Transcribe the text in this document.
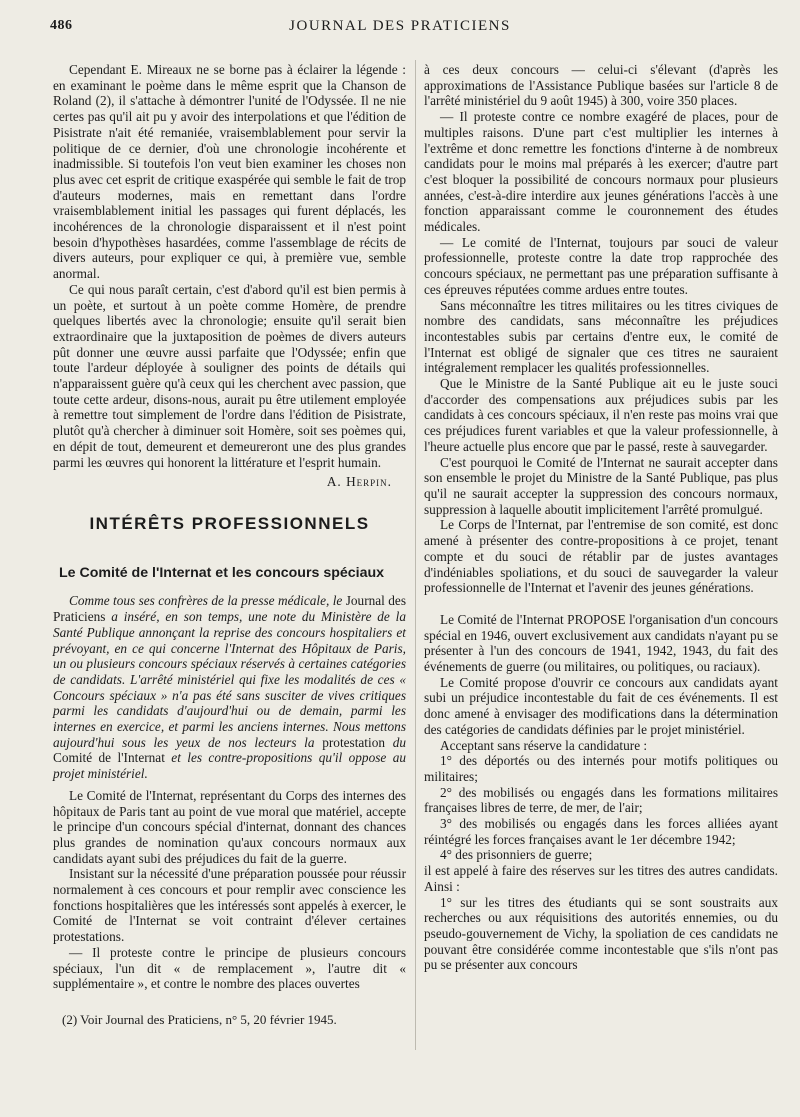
486	JOURNAL DES PRATICIENS

Cependant E. Mireaux ne se borne pas à éclairer la légende : en examinant le poème dans le même esprit que la Chanson de Roland (2), il s'attache à démontrer l'unité de l'Odyssée. Il ne nie certes pas qu'il ait pu y avoir des interpolations et que l'édition de Pisistrate n'ait été remaniée, vraisemblablement pour servir la politique de ce dernier, d'où une chronologie incohérente et inadmissible. Si toutefois l'on veut bien examiner les choses non plus avec cet esprit de critique exaspérée qui semble le fait de trop d'auteurs modernes, mais en remettant dans l'ordre vraisemblablement initial les passages qui furent déplacés, les incohérences de la chronologie disparaissent et il n'est point besoin d'hypothèses hasardées, comme l'assemblage de récits de divers auteurs, pour expliquer ce qui, à première vue, semble anormal.

Ce qui nous paraît certain, c'est d'abord qu'il est bien permis à un poète, et surtout à un poète comme Homère, de prendre quelques libertés avec la chronologie; ensuite qu'il serait bien extraordinaire que la juxtaposition de poèmes de divers auteurs pût donner une œuvre aussi parfaite que l'Odyssée; enfin que toute l'ardeur déployée à souligner des points de détails qui n'apparaissent guère qu'à ceux qui les cherchent avec passion, que toute cette ardeur, disons-nous, aurait pu être utilement employée à remettre tout simplement de l'ordre dans l'édition de Pisistrate, plutôt qu'à chercher à diminuer soit Homère, soit ses poèmes qui, en dépit de tout, demeurent et demeureront une des plus grandes parmi les œuvres qui honorent la littérature et l'esprit humain.

A. Herpin.

INTÉRÊTS PROFESSIONNELS
Le Comité de l'Internat et les concours spéciaux

Comme tous ses confrères de la presse médicale, le Journal des Praticiens a inséré, en son temps, une note du Ministère de la Santé Publique annonçant la reprise des concours hospitaliers et prévoyant, en ce qui concerne l'Internat des Hôpitaux de Paris, un ou plusieurs concours spéciaux réservés à certaines catégories de candidats. L'arrêté ministériel qui fixe les modalités de ces « Concours spéciaux » n'a pas été sans susciter de vives critiques parmi les candidats d'aujourd'hui ou de demain, parmi les internes en exercice, et parmi les anciens internes. Nous mettons aujourd'hui sous les yeux de nos lecteurs la protestation du Comité de l'Internat et les contre-propositions qu'il oppose au projet ministériel.

Le Comité de l'Internat, représentant du Corps des internes des hôpitaux de Paris tant au point de vue moral que matériel, accepte le principe d'un concours spécial d'internat, donnant des chances plus grandes de nomination qu'aux concours normaux aux candidats ayant subi des préjudices du fait de la guerre.

Insistant sur la nécessité d'une préparation poussée pour réussir normalement à ces concours et pour remplir avec conscience les fonctions hospitalières que les intéressés sont appelés à exercer, le Comité de l'Internat se voit contraint d'élever certaines protestations.

— Il proteste contre le principe de plusieurs concours spéciaux, l'un dit « de remplacement », l'autre dit « supplémentaire », et contre le nombre des places ouvertes

(2) Voir Journal des Praticiens, n° 5, 20 février 1945.

à ces deux concours — celui-ci s'élevant (d'après les approximations de l'Assistance Publique basées sur l'article 8 de l'arrêté ministériel du 9 août 1945) à 300, voire 350 places.

— Il proteste contre ce nombre exagéré de places, pour de multiples raisons. D'une part c'est multiplier les internes à l'extrême et donc remettre les fonctions d'interne à de nombreux candidats pour le moins mal préparés à les exercer; d'autre part c'est bloquer la possibilité de concours normaux pour plusieurs années, c'est-à-dire interdire aux jeunes générations l'accès à une fonction apparaissant comme le couronnement des études médicales.

— Le comité de l'Internat, toujours par souci de valeur professionnelle, proteste contre la date trop rapprochée des concours spéciaux, ne permettant pas une préparation suffisante à ces épreuves réputées comme ardues entre toutes.

Sans méconnaître les titres militaires ou les titres civiques de nombre des candidats, sans méconnaître les préjudices incontestables subis par certains d'entre eux, le comité de l'Internat est obligé de signaler que ces titres ne sauraient intégralement remplacer les qualités professionnelles.

Que le Ministre de la Santé Publique ait eu le juste souci d'accorder des compensations aux préjudices subis par les candidats à ces concours spéciaux, il n'en reste pas moins vrai que ces préjudices furent variables et que la valeur professionnelle, à l'heure actuelle plus encore que par le passé, reste à sauvegarder.

C'est pourquoi le Comité de l'Internat ne saurait accepter dans son ensemble le projet du Ministre de la Santé Publique, pas plus qu'il ne saurait accepter la suppression des concours normaux, suppression à laquelle aboutit implicitement l'arrêté promulgué.

Le Corps de l'Internat, par l'entremise de son comité, est donc amené à présenter des contre-propositions à ce projet, tenant compte et du souci de rétablir par de justes avantages d'indéniables spoliations, et du souci de sauvegarder la valeur professionnelle de l'Internat et l'avenir des jeunes générations.

Le Comité de l'Internat PROPOSE l'organisation d'un concours spécial en 1946, ouvert exclusivement aux candidats n'ayant pu se présenter à l'un des concours de 1941, 1942, 1943, du fait des événements de guerre (ou militaires, ou politiques, ou raciaux).

Le Comité propose d'ouvrir ce concours aux candidats ayant subi un préjudice incontestable du fait de ces événements. Il est donc amené à envisager des modifications dans la détermination des catégories de candidats définies par le projet ministériel.

Acceptant sans réserve la candidature :

1° des déportés ou des internés pour motifs politiques ou militaires;

2° des mobilisés ou engagés dans les formations militaires françaises libres de terre, de mer, de l'air;

3° des mobilisés ou engagés dans les forces alliées ayant réintégré les forces françaises avant le 1er décembre 1942;

4° des prisonniers de guerre;

il est appelé à faire des réserves sur les titres des autres candidats. Ainsi :

1° sur les titres des étudiants qui se sont soustraits aux recherches ou aux réquisitions des autorités ennemies, ou du pseudo-gouvernement de Vichy, la spoliation de ces candidats ne pouvant être considérée comme incontestable que s'ils n'ont pas pu se présenter aux concours
